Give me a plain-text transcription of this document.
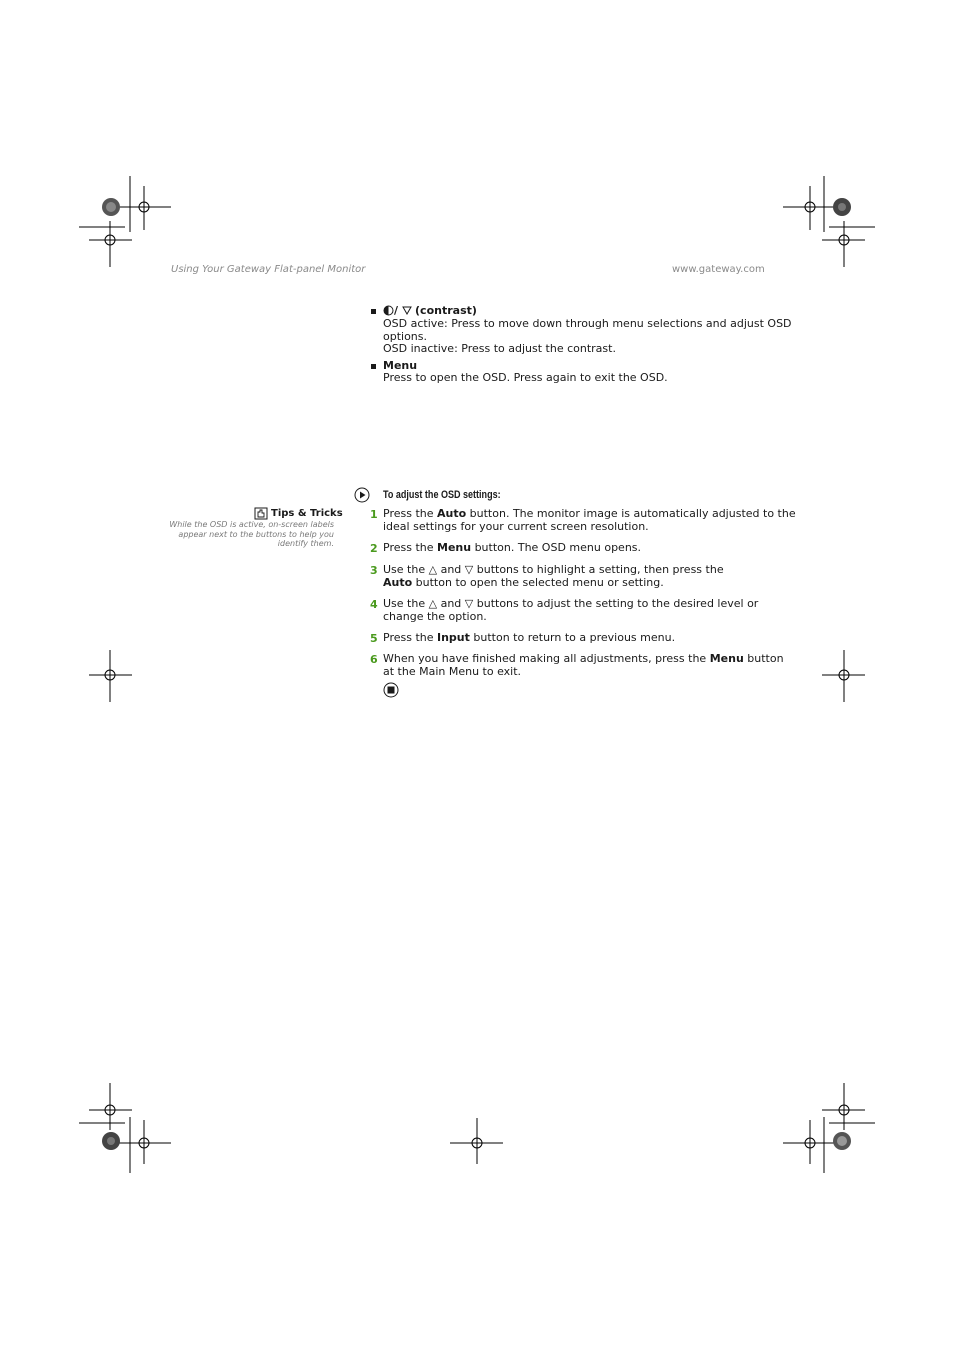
Using Your Gateway Flat-panel Monitor	www.gateway.com
/ (contrast)
OSD active: Press to move down through menu selections and adjust OSD
options.
OSD inactive: Press to adjust the contrast.
Menu
Press to open the OSD. Press again to exit the OSD.
Tips & Tricks
While the OSD is active, on-screen labels
appear next to the buttons to help you
identify them.
To adjust the OSD settings:
1 Press the Auto button. The monitor image is automatically adjusted to the
ideal settings for your current screen resolution.
2 Press the Menu button. The OSD menu opens.
3 Use the △ and ▽ buttons to highlight a setting, then press the
Auto button to open the selected menu or setting.
4 Use the △ and ▽ buttons to adjust the setting to the desired level or
change the option.
5 Press the Input button to return to a previous menu.
6 When you have finished making all adjustments, press the Menu button
at the Main Menu to exit.
